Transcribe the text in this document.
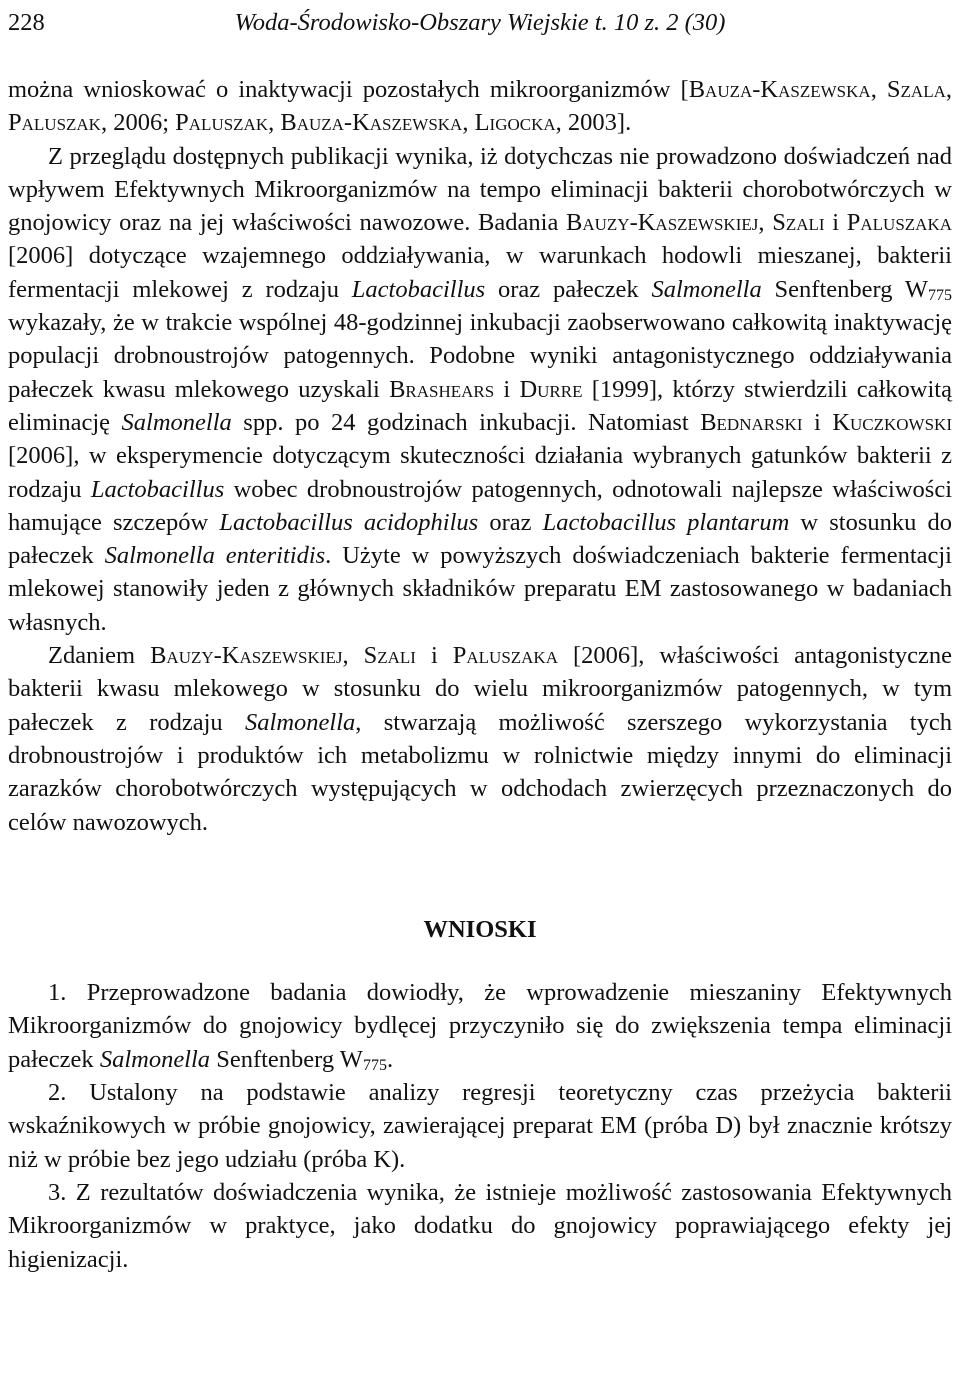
228	Woda-Środowisko-Obszary Wiejskie t. 10 z. 2 (30)

można wnioskować o inaktywacji pozostałych mikroorganizmów [Bauza-Kaszewska, Szala, Paluszak, 2006; Paluszak, Bauza-Kaszewska, Ligocka, 2003].

Z przeglądu dostępnych publikacji wynika, iż dotychczas nie prowadzono doświadczeń nad wpływem Efektywnych Mikroorganizmów na tempo eliminacji bakterii chorobotwórczych w gnojowicy oraz na jej właściwości nawozowe. Badania Bauzy-Kaszewskiej, Szali i Paluszaka [2006] dotyczące wzajemnego oddziaływania, w warunkach hodowli mieszanej, bakterii fermentacji mlekowej z rodzaju Lactobacillus oraz pałeczek Salmonella Senftenberg $W_{775}$ wykazały, że w trakcie wspólnej 48-godzinnej inkubacji zaobserwowano całkowitą inaktywację populacji drobnoustrojów patogennych. Podobne wyniki antagonistycznego oddziaływania pałeczek kwasu mlekowego uzyskali Brashears i Durre [1999], którzy stwierdzili całkowitą eliminację Salmonella spp. po 24 godzinach inkubacji. Natomiast Bednarski i Kuczkowski [2006], w eksperymencie dotyczącym skuteczności działania wybranych gatunków bakterii z rodzaju Lactobacillus wobec drobnoustrojów patogennych, odnotowali najlepsze właściwości hamujące szczepów Lactobacillus acidophilus oraz Lactobacillus plantarum w stosunku do pałeczek Salmonella enteritidis. Użyte w powyższych doświadczeniach bakterie fermentacji mlekowej stanowiły jeden z głównych składników preparatu EM zastosowanego w badaniach własnych.

Zdaniem Bauzy-Kaszewskiej, Szali i Paluszaka [2006], właściwości antagonistyczne bakterii kwasu mlekowego w stosunku do wielu mikroorganizmów patogennych, w tym pałeczek z rodzaju Salmonella, stwarzają możliwość szerszego wykorzystania tych drobnoustrojów i produktów ich metabolizmu w rolnictwie między innymi do eliminacji zarazków chorobotwórczych występujących w odchodach zwierzęcych przeznaczonych do celów nawozowych.

WNIOSKI
1. Przeprowadzone badania dowiodły, że wprowadzenie mieszaniny Efektywnych Mikroorganizmów do gnojowicy bydlęcej przyczyniło się do zwiększenia tempa eliminacji pałeczek Salmonella Senftenberg $W_{775}$.
2. Ustalony na podstawie analizy regresji teoretyczny czas przeżycia bakterii wskaźnikowych w próbie gnojowicy, zawierającej preparat EM (próba D) był znacznie krótszy niż w próbie bez jego udziału (próba K).
3. Z rezultatów doświadczenia wynika, że istnieje możliwość zastosowania Efektywnych Mikroorganizmów w praktyce, jako dodatku do gnojowicy poprawiającego efekty jej higienizacji.
